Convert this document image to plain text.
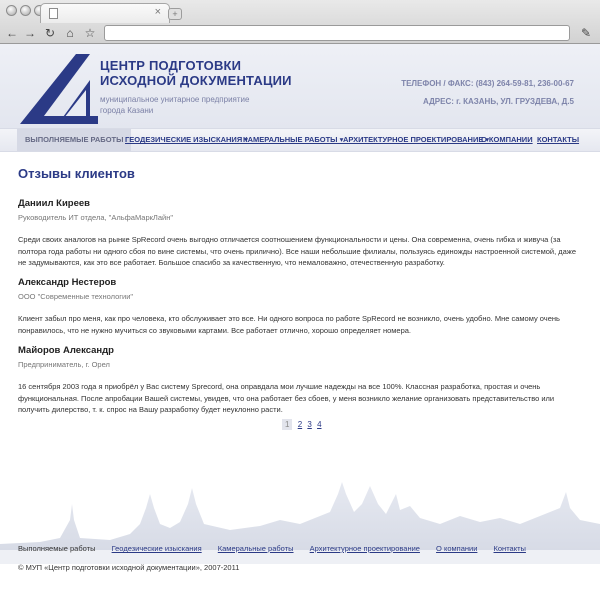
×	+
← → ↻ ⌂ ☆	✎
ЦЕНТР ПОДГОТОВКИ
ИСХОДНОЙ ДОКУМЕНТАЦИИ
муниципальное унитарное предприятие
города Казани
ТЕЛЕФОН / ФАКС: (843) 264-59-81, 236-00-67
АДРЕС: г. КАЗАНЬ, УЛ. ГРУЗДЕВА, Д.5
ВЫПОЛНЯЕМЫЕ РАБОТЫ ГЕОДЕЗИЧЕСКИЕ ИЗЫСКАНИЯ ▾
КАМЕРАЛЬНЫЕ РАБОТЫ ▾ АРХИТЕКТУРНОЕ ПРОЕКТИРОВАНИЕ ▾
О КОМПАНИИ КОНТАКТЫ
Отзывы клиентов
Даниил Киреев
Руководитель ИТ отдела, "АльфаМаркЛайн"
Среди своих аналогов на рынке SpRecord очень выгодно отличается соотношением функциональности и цены. Она современна, очень гибка и живуча (за полтора года работы ни одного сбоя по вине системы, что очень прилично). Все наши небольшие филиалы, пользуясь единожды настроенной системой, даже не задумываются, как это все работает. Большое спасибо за качественную, что немаловажно, отечественную разработку.
Александр Нестеров
ООО "Современные технологии"
Клиент забыл про меня, как про человека, кто обслуживает это все. Ни одного вопроса по работе SpRecord не возникло, очень удобно. Мне самому очень понравилось, что не нужно мучиться со звуковыми картами. Все работает отлично, хорошо определяет номера.
Майоров Александр
Предприниматель, г. Орел
16 сентября 2003 года я приобрёл у Вас систему Sprecord, она оправдала мои лучшие надежды на все 100%. Классная разработка, простая и очень функциональная. После апробации Вашей системы, увидев, что она работает без сбоев, у меня возникло желание организовать представительство или получить дилерство, т. к. спрос на Вашу разработку будет неуклонно расти.
1 2 3 4
Выполняемые работы Геодезические изыскания Камеральные работы Архитектурное проектирование О компании Контакты
© МУП «Центр подготовки исходной документации», 2007-2011
